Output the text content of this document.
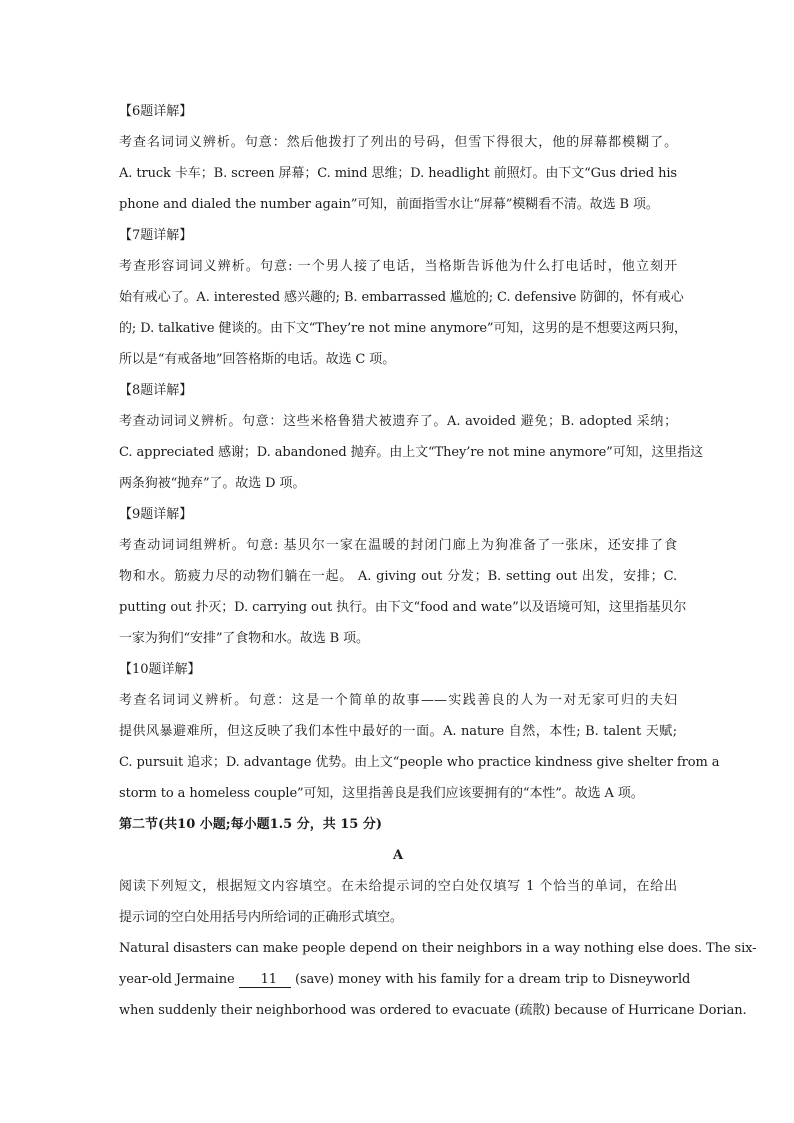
【6题详解】

考查名词词义辨析。句意：然后他拨打了列出的号码，但雪下得很大，他的屏幕都模糊了。

A. truck 卡车；B. screen 屏幕；C. mind 思维；D. headlight 前照灯。由下文“Gus dried his

phone and dialed the number again”可知，前面指雪水让“屏幕”模糊看不清。故选 B 项。

【7题详解】

考查形容词词义辨析。句意: 一个男人接了电话，当格斯告诉他为什么打电话时，他立刻开

始有戒心了。A. interested 感兴趣的; B. embarrassed 尴尬的; C. defensive 防御的，怀有戒心

的; D. talkative 健谈的。由下文“They’re not mine anymore”可知，这男的是不想要这两只狗，

所以是“有戒备地”回答格斯的电话。故选 C 项。

【8题详解】

考查动词词义辨析。句意：这些米格鲁猎犬被遗弃了。A. avoided 避免；B. adopted 采纳；

C. appreciated 感谢；D. abandoned 抛弃。由上文“They’re not mine anymore”可知，这里指这

两条狗被“抛弃”了。故选 D 项。

【9题详解】

考查动词词组辨析。句意: 基贝尔一家在温暖的封闭门廊上为狗准备了一张床，还安排了食

物和水。筋疲力尽的动物们躺在一起。 A. giving out 分发；B. setting out 出发，安排；C.

putting out 扑灭；D. carrying out 执行。由下文“food and wate”以及语境可知，这里指基贝尔

一家为狗们“安排”了食物和水。故选 B 项。

【10题详解】

考查名词词义辨析。句意：这是一个简单的故事——实践善良的人为一对无家可归的夫妇

提供风暴避难所，但这反映了我们本性中最好的一面。A. nature 自然，本性; B. talent 天赋;

C. pursuit 追求；D. advantage 优势。由上文“people who practice kindness give shelter from a

storm to a homeless couple”可知，这里指善良是我们应该要拥有的“本性”。故选 A 项。

第二节(共10 小题;每小题1.5 分，共 15 分)
A

阅读下列短文，根据短文内容填空。在未给提示词的空白处仅填写 1 个恰当的单词，在给出

提示词的空白处用括号内所给词的正确形式填空。

Natural disasters can make people depend on their neighbors in a way nothing else does. The six-

year-old Jermaine 11 (save) money with his family for a dream trip to Disneyworld

when suddenly their neighborhood was ordered to evacuate (疏散) because of Hurricane Dorian.
